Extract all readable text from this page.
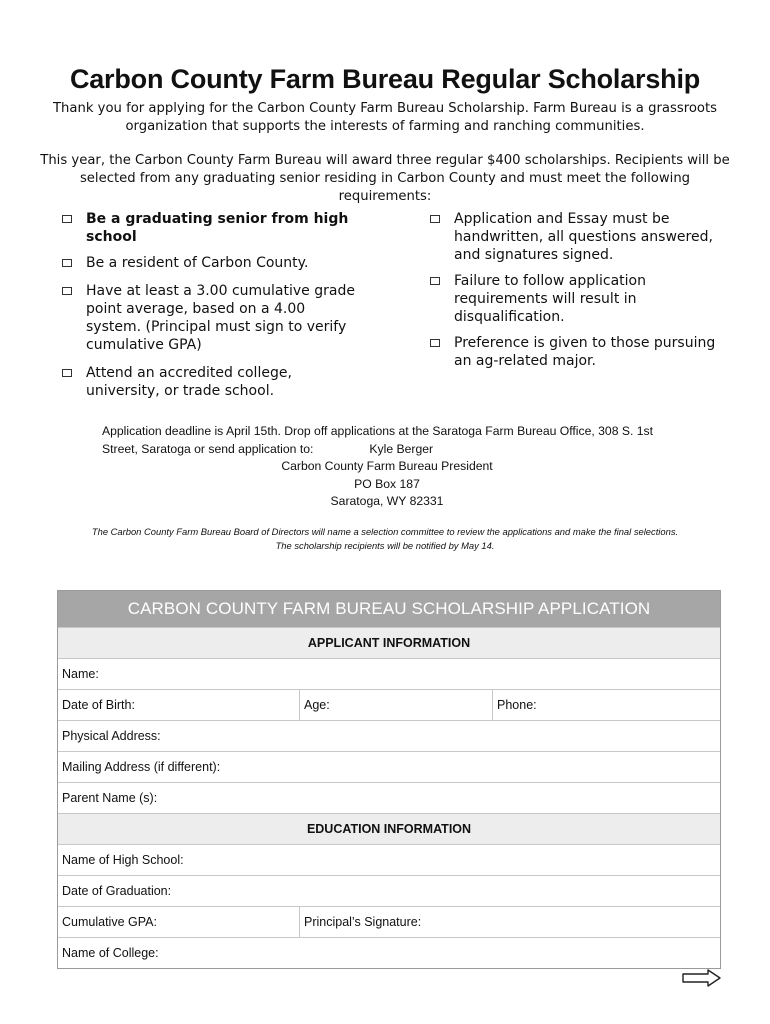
Carbon County Farm Bureau Regular Scholarship

Thank you for applying for the Carbon County Farm Bureau Scholarship. Farm Bureau is a grassroots organization that supports the interests of farming and ranching communities.

This year, the Carbon County Farm Bureau will award three regular $400 scholarships. Recipients will be selected from any graduating senior residing in Carbon County and must meet the following requirements:

Be a graduating senior from high school
Be a resident of Carbon County.
Have at least a 3.00 cumulative grade point average, based on a 4.00 system. (Principal must sign to verify cumulative GPA)
Attend an accredited college, university, or trade school.
Application and Essay must be handwritten, all questions answered, and signatures signed.
Failure to follow application requirements will result in disqualification.
Preference is given to those pursuing an ag-related major.
Application deadline is April 15th. Drop off applications at the Saratoga Farm Bureau Office, 308 S. 1st
Street, Saratoga or send application to:	Kyle Berger
Carbon County Farm Bureau President
PO Box 187
Saratoga, WY 82331
The Carbon County Farm Bureau Board of Directors will name a selection committee to review the applications and make the final selections.
The scholarship recipients will be notified by May 14.
CARBON COUNTY FARM BUREAU SCHOLARSHIP APPLICATION
APPLICANT INFORMATION
Name:
Date of Birth:	Age:	Phone:
Physical Address:
Mailing Address (if different):
Parent Name (s):
EDUCATION INFORMATION
Name of High School:
Date of Graduation:
Cumulative GPA:	Principal’s Signature:
Name of College:
